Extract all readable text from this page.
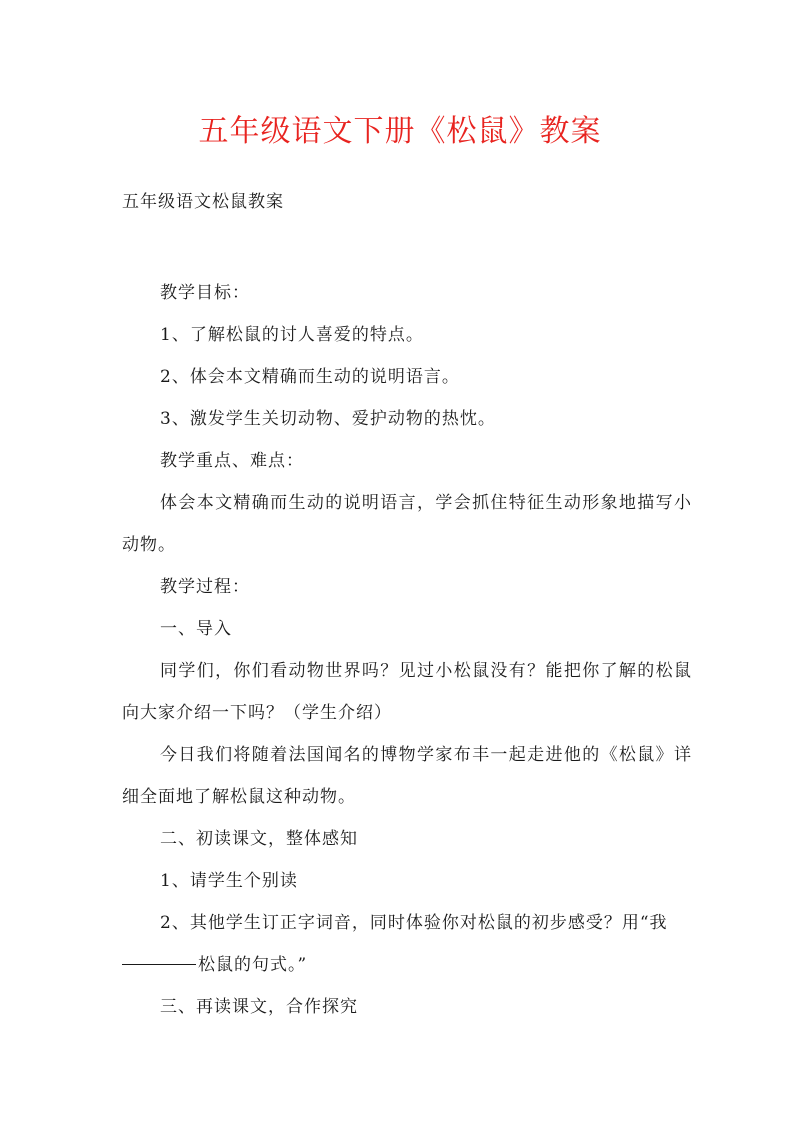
五年级语文下册《松鼠》教案
五年级语文松鼠教案

教学目标：

1、了解松鼠的讨人喜爱的特点。

2、体会本文精确而生动的说明语言。

3、激发学生关切动物、爱护动物的热忱。

教学重点、难点：

体会本文精确而生动的说明语言，学会抓住特征生动形象地描写小动物。

教学过程：

一、导入

同学们，你们看动物世界吗？见过小松鼠没有？能把你了解的松鼠向大家介绍一下吗？（学生介绍）

今日我们将随着法国闻名的博物学家布丰一起走进他的《松鼠》详细全面地了解松鼠这种动物。

二、初读课文，整体感知

1、请学生个别读

2、其他学生订正字词音，同时体验你对松鼠的初步感受？用“我

松鼠的句式。”

三、再读课文，合作探究
